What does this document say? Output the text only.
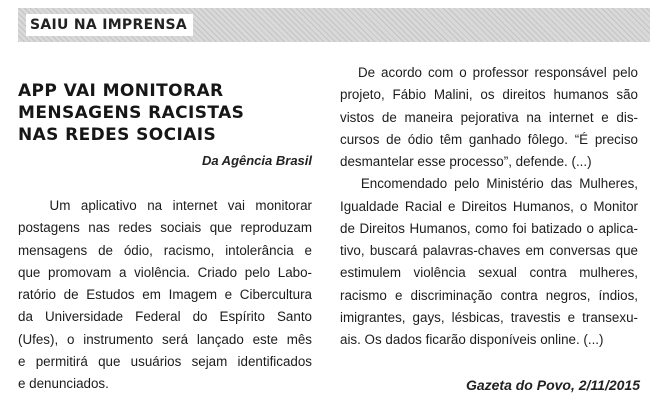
SAIU NA IMPRENSA
APP VAI MONITORAR
MENSAGENS RACISTAS
NAS REDES SOCIAIS
Da Agência Brasil
Um aplicativo na internet vai monitorar
postagens nas redes sociais que reproduzam
mensagens de ódio, racismo, intolerância e
que promovam a violência. Criado pelo Labo-
ratório de Estudos em Imagem e Cibercultura
da Universidade Federal do Espírito Santo
(Ufes), o instrumento será lançado este mês
e permitirá que usuários sejam identificados
e denunciados.
De acordo com o professor responsável pelo
projeto, Fábio Malini, os direitos humanos são
vistos de maneira pejorativa na internet e dis-
cursos de ódio têm ganhado fôlego. “É preciso
desmantelar esse processo”, defende. (...)
Encomendado pelo Ministério das Mulheres,
Igualdade Racial e Direitos Humanos, o Monitor
de Direitos Humanos, como foi batizado o aplica-
tivo, buscará palavras-chaves em conversas que
estimulem violência sexual contra mulheres,
racismo e discriminação contra negros, índios,
imigrantes, gays, lésbicas, travestis e transexu-
ais. Os dados ficarão disponíveis online. (...)
Gazeta do Povo, 2/11/2015
